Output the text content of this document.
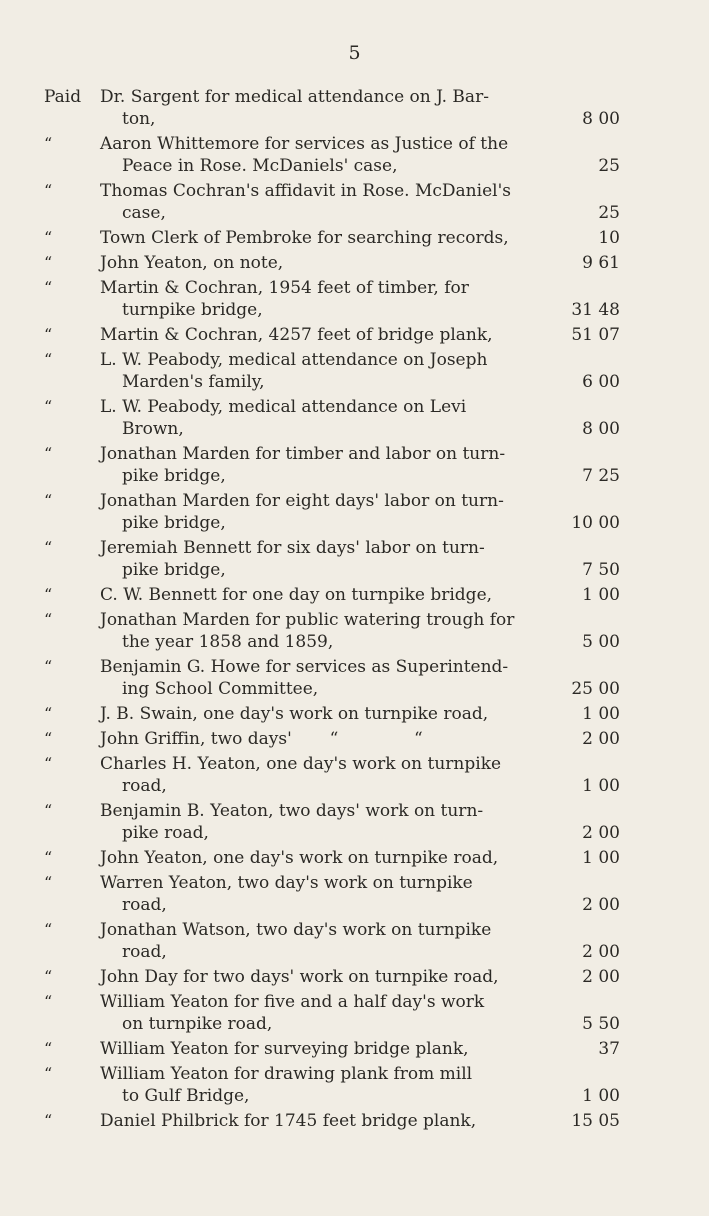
5
Paid	Dr. Sargent for medical attendance on J. Bar-
ton,	8 00
“	Aaron Whittemore for services as Justice of the
Peace in Rose. McDaniels' case,	25
“	Thomas Cochran's affidavit in Rose. McDaniel's
case,	25
“	Town Clerk of Pembroke for searching records,	10
“	John Yeaton, on note,	9 61
“	Martin & Cochran, 1954 feet of timber, for
turnpike bridge,	31 48
“	Martin & Cochran, 4257 feet of bridge plank,	51 07
“	L. W. Peabody, medical attendance on Joseph
Marden's family,	6 00
“	L. W. Peabody, medical attendance on Levi
Brown,	8 00
“	Jonathan Marden for timber and labor on turn-
pike bridge,	7 25
“	Jonathan Marden for eight days' labor on turn-
pike bridge,	10 00
“	Jeremiah Bennett for six days' labor on turn-
pike bridge,	7 50
“	C. W. Bennett for one day on turnpike bridge,	1 00
“	Jonathan Marden for public watering trough for
the year 1858 and 1859,	5 00
“	Benjamin G. Howe for services as Superintend-
ing School Committee,	25 00
“	J. B. Swain, one day's work on turnpike road,	1 00
“	John Griffin, two days'       “              “	2 00
“	Charles H. Yeaton, one day's work on turnpike
road,	1 00
“	Benjamin B. Yeaton, two days' work on turn-
pike road,	2 00
“	John Yeaton, one day's work on turnpike road,	1 00
“	Warren Yeaton, two day's work on turnpike
road,	2 00
“	Jonathan Watson, two day's work on turnpike
road,	2 00
“	John Day for two days' work on turnpike road,	2 00
“	William Yeaton for five and a half day's work
on turnpike road,	5 50
“	William Yeaton for surveying bridge plank,	37
“	William Yeaton for drawing plank from mill
to Gulf Bridge,	1 00
“	Daniel Philbrick for 1745 feet bridge plank,	15 05
